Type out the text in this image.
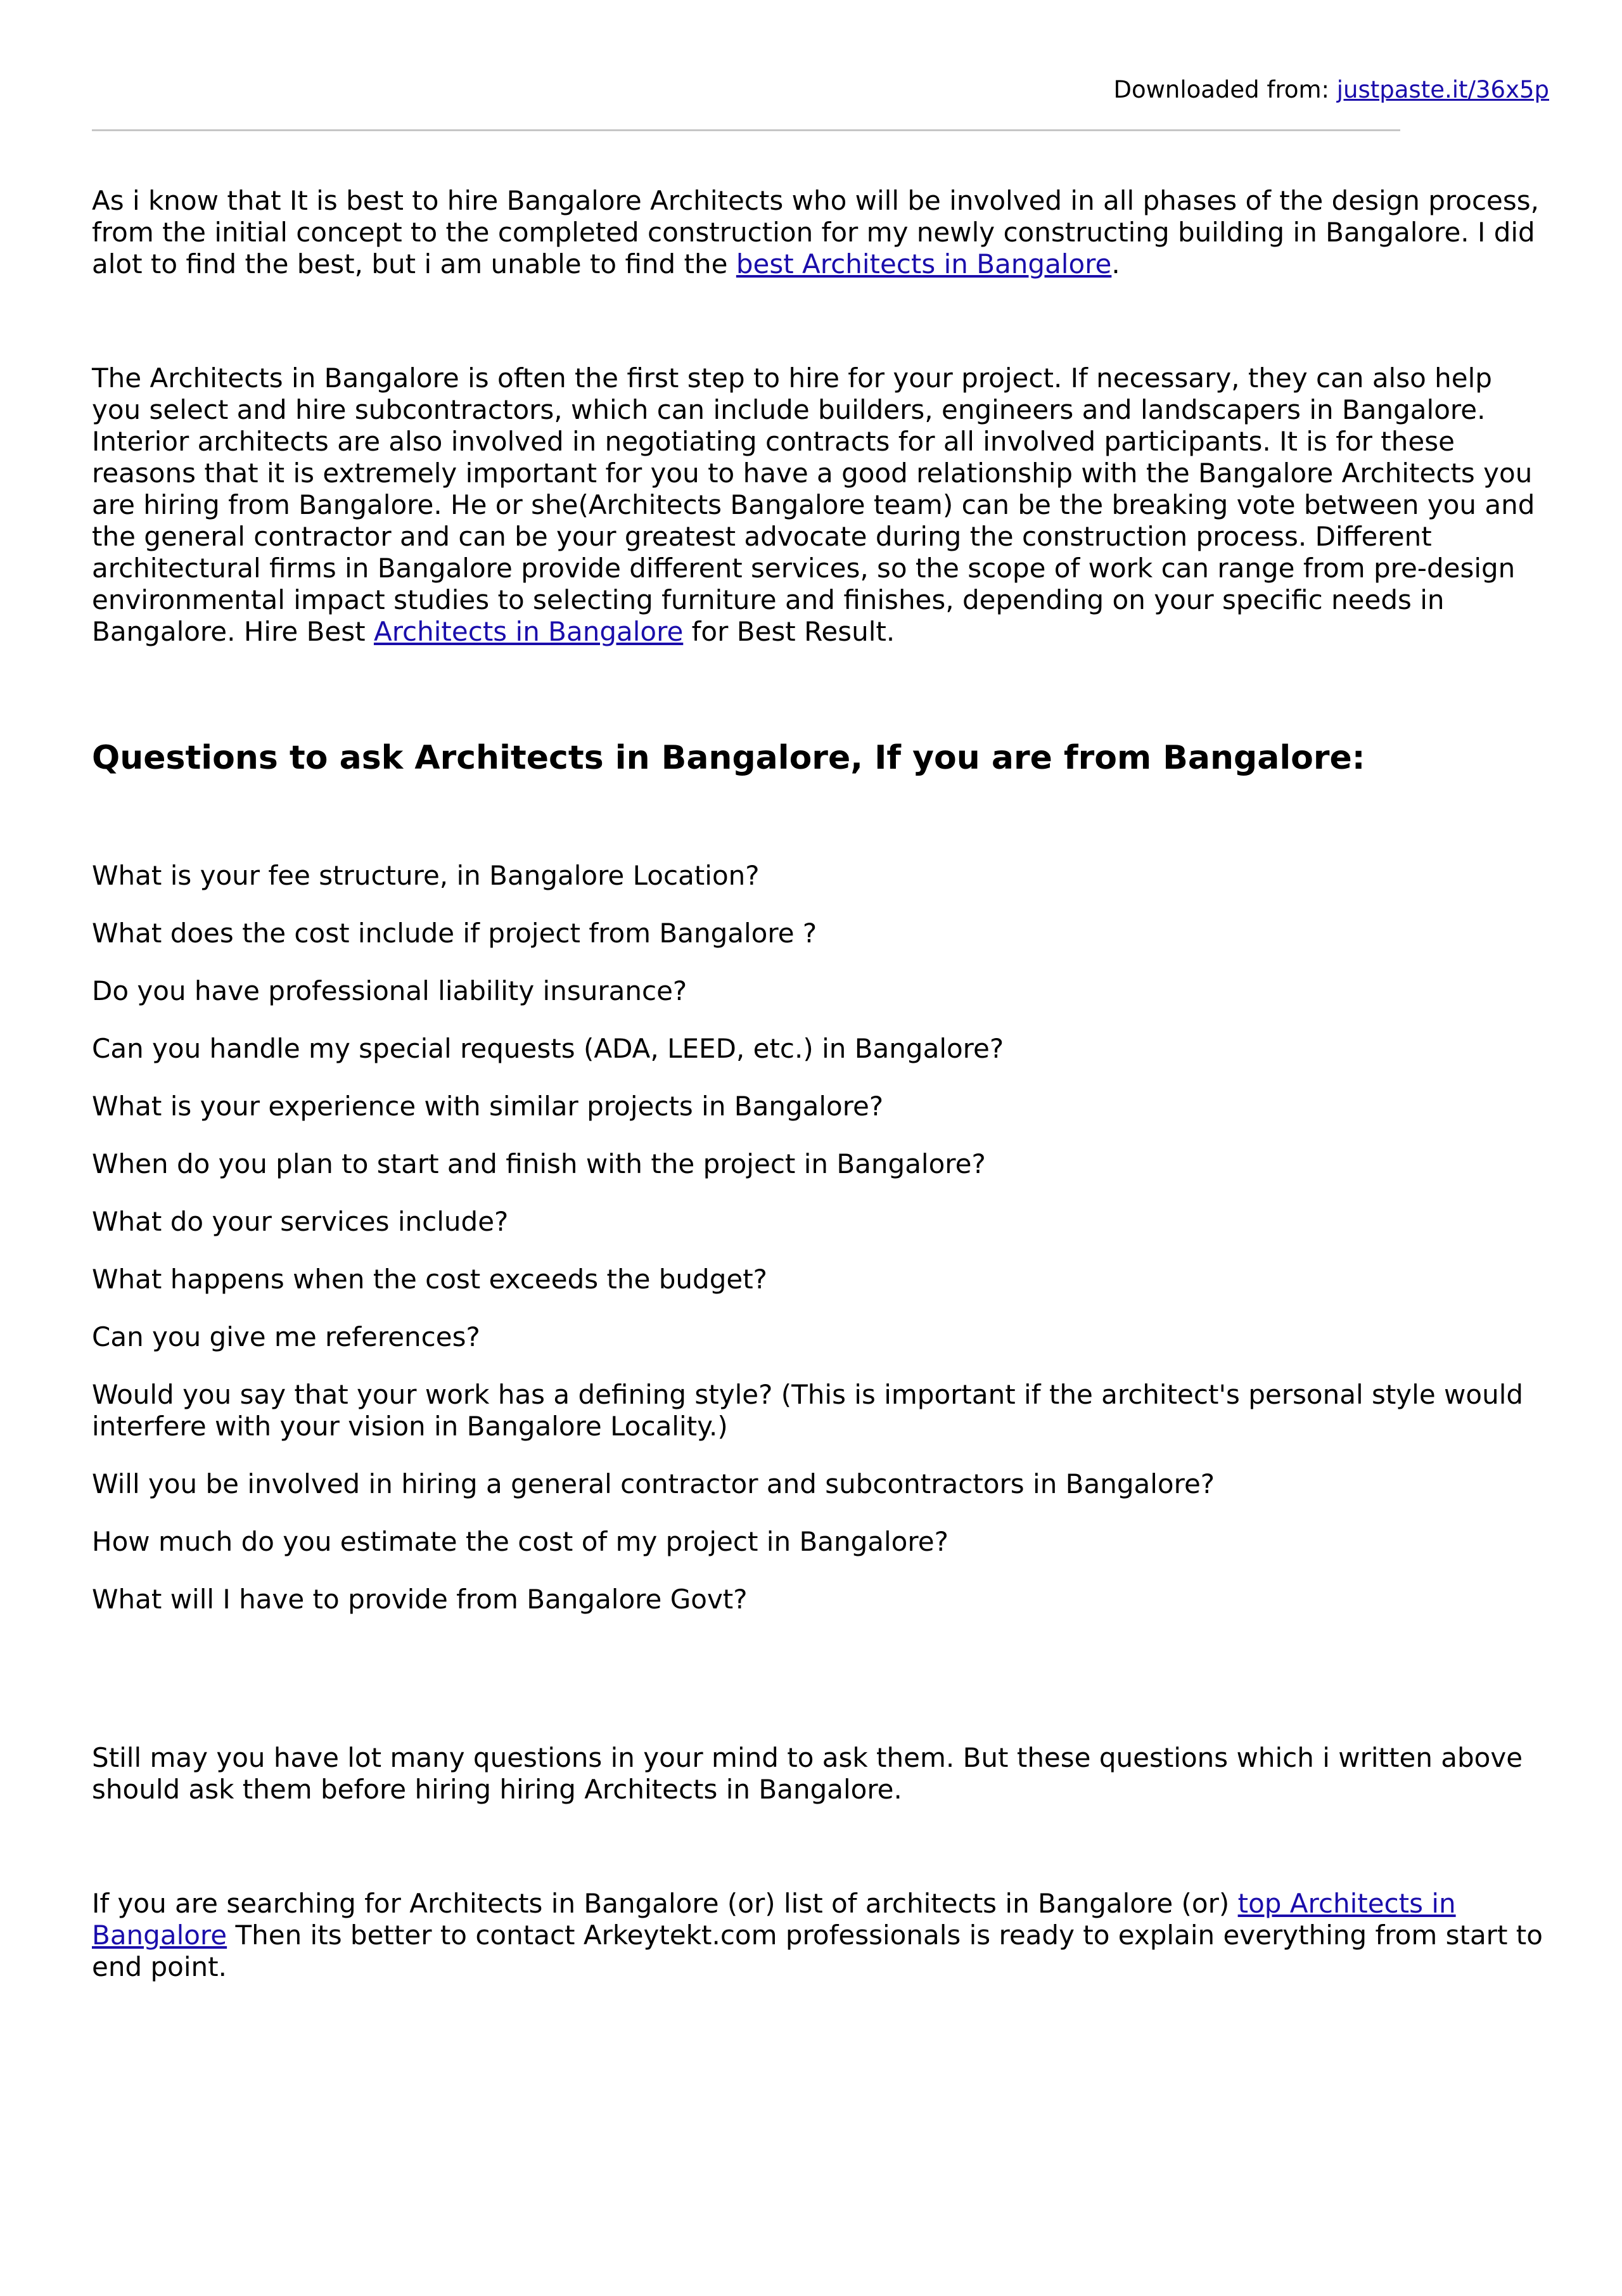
Downloaded from: justpaste.it/36x5p

As i know that It is best to hire Bangalore Architects who will be involved in all phases of the design process, from the initial concept to the completed construction for my newly constructing building in Bangalore. I did alot to find the best, but i am unable to find the best Architects in Bangalore.

The Architects in Bangalore is often the first step to hire for your project. If necessary, they can also help you select and hire subcontractors, which can include builders, engineers and landscapers in Bangalore. Interior architects are also involved in negotiating contracts for all involved participants. It is for these reasons that it is extremely important for you to have a good relationship with the Bangalore Architects you are hiring from Bangalore. He or she(Architects Bangalore team) can be the breaking vote between you and the general contractor and can be your greatest advocate during the construction process. Different architectural firms in Bangalore provide different services, so the scope of work can range from pre-design environmental impact studies to selecting furniture and finishes, depending on your specific needs in Bangalore. Hire Best Architects in Bangalore for Best Result.

Questions to ask Architects in Bangalore, If you are from Bangalore:
What is your fee structure, in Bangalore Location?
What does the cost include if project from Bangalore ?
Do you have professional liability insurance?
Can you handle my special requests (ADA, LEED, etc.) in Bangalore?
What is your experience with similar projects in Bangalore?
When do you plan to start and finish with the project in Bangalore?
What do your services include?
What happens when the cost exceeds the budget?
Can you give me references?
Would you say that your work has a defining style? (This is important if the architect's personal style would interfere with your vision in Bangalore Locality.)
Will you be involved in hiring a general contractor and subcontractors in Bangalore?
How much do you estimate the cost of my project in Bangalore?
What will I have to provide from Bangalore Govt?

Still may you have lot many questions in your mind to ask them. But these questions which i written above should ask them before hiring hiring Architects in Bangalore.

If you are searching for Architects in Bangalore (or) list of architects in Bangalore (or) top Architects in Bangalore Then its better to contact Arkeytekt.com professionals is ready to explain everything from start to end point.
